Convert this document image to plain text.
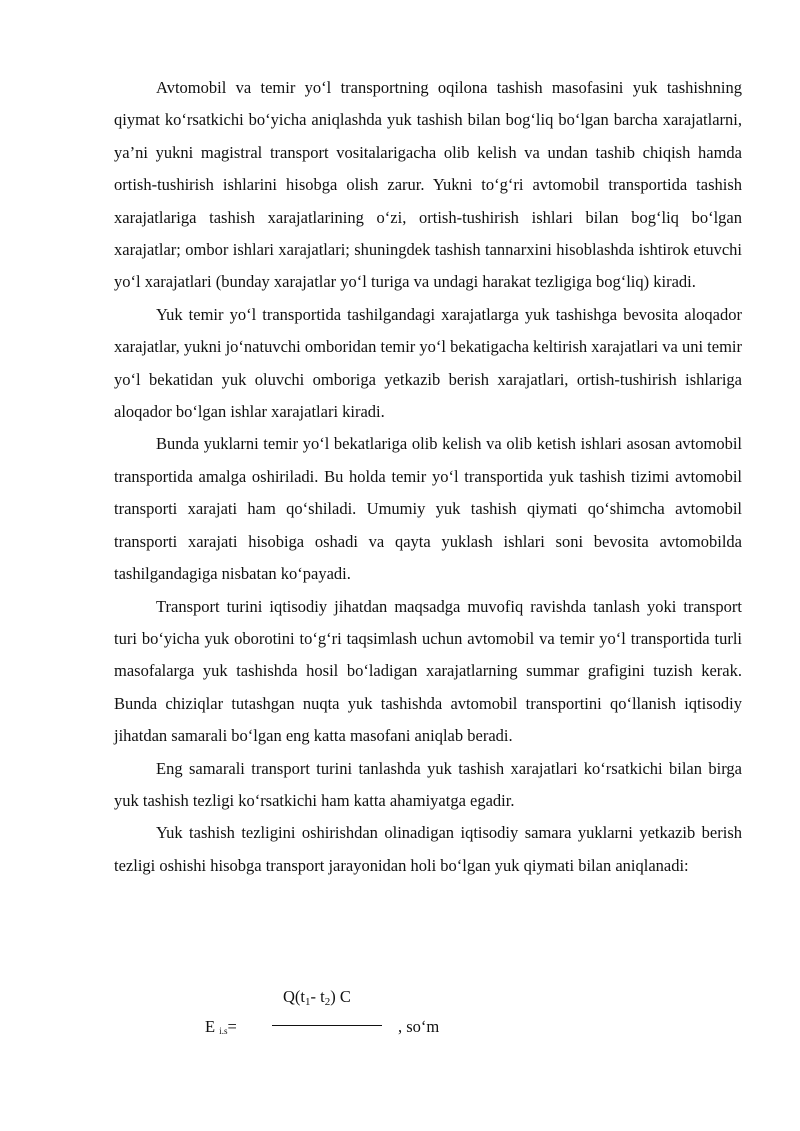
Avtomobil va temir yo‘l transportning oqilona tashish masofasini yuk tashishning qiymat ko‘rsatkichi bo‘yicha aniqlashda yuk tashish bilan bog‘liq bo‘lgan barcha xarajatlarni, ya’ni yukni magistral transport vositalarigacha olib kelish va undan tashib chiqish hamda ortish-tushirish ishlarini hisobga olish zarur. Yukni to‘g‘ri avtomobil transportida tashish xarajatlariga tashish xarajatlarining o‘zi, ortish-tushirish ishlari bilan bog‘liq bo‘lgan xarajatlar; ombor ishlari xarajatlari; shuningdek tashish tannarxini hisoblashda ishtirok etuvchi yo‘l xarajatlari (bunday xarajatlar yo‘l turiga va undagi harakat tezligiga bog‘liq) kiradi.

Yuk temir yo‘l transportida tashilgandagi xarajatlarga yuk tashishga bevosita aloqador xarajatlar, yukni jo‘natuvchi omboridan temir yo‘l bekatigacha keltirish xarajatlari va uni temir yo‘l bekatidan yuk oluvchi omboriga yetkazib berish xarajatlari, ortish-tushirish ishlariga aloqador bo‘lgan ishlar xarajatlari kiradi.

Bunda yuklarni temir yo‘l bekatlariga olib kelish va olib ketish ishlari asosan avtomobil transportida amalga oshiriladi. Bu holda temir yo‘l transportida yuk tashish tizimi avtomobil transporti xarajati ham qo‘shiladi. Umumiy yuk tashish qiymati qo‘shimcha avtomobil transporti xarajati hisobiga oshadi va qayta yuklash ishlari soni bevosita avtomobilda tashilgandagiga nisbatan ko‘payadi.

Transport turini iqtisodiy jihatdan maqsadga muvofiq ravishda tanlash yoki transport turi bo‘yicha yuk oborotini to‘g‘ri taqsimlash uchun avtomobil va temir yo‘l transportida turli masofalarga yuk tashishda hosil bo‘ladigan xarajatlarning summar grafigini tuzish kerak. Bunda chiziqlar tutashgan nuqta yuk tashishda avtomobil transportini qo‘llanish iqtisodiy jihatdan samarali bo‘lgan eng katta masofani aniqlab beradi.

Eng samarali transport turini tanlashda yuk tashish xarajatlari ko‘rsatkichi bilan birga yuk tashish tezligi ko‘rsatkichi ham katta ahamiyatga egadir.

Yuk tashish tezligini oshirishdan olinadigan iqtisodiy samara yuklarni yetkazib berish tezligi oshishi hisobga transport jarayonidan holi bo‘lgan yuk qiymati bilan aniqlanadi:

$Q(t_1-$ $t_2$) C
E $_{i.s}$=	, so‘m
